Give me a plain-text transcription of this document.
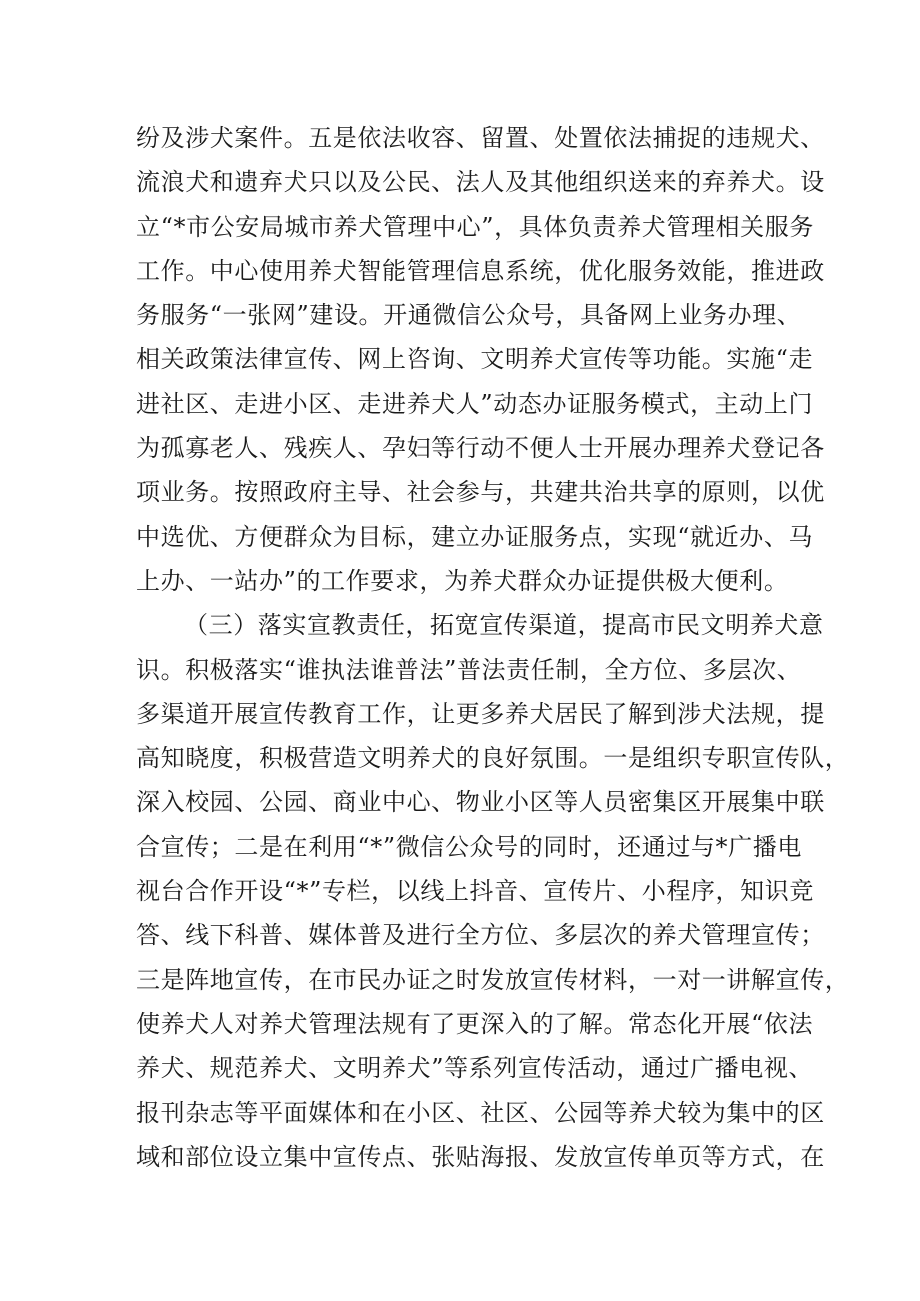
纷及涉犬案件。五是依法收容、留置、处置依法捕捉的违规犬、
流浪犬和遗弃犬只以及公民、法人及其他组织送来的弃养犬。设
立“*市公安局城市养犬管理中心”，具体负责养犬管理相关服务
工作。中心使用养犬智能管理信息系统，优化服务效能，推进政
务服务“一张网”建设。开通微信公众号，具备网上业务办理、
相关政策法律宣传、网上咨询、文明养犬宣传等功能。实施“走
进社区、走进小区、走进养犬人”动态办证服务模式，主动上门
为孤寡老人、残疾人、孕妇等行动不便人士开展办理养犬登记各
项业务。按照政府主导、社会参与，共建共治共享的原则，以优
中选优、方便群众为目标，建立办证服务点，实现“就近办、马
上办、一站办”的工作要求，为养犬群众办证提供极大便利。
（三）落实宣教责任，拓宽宣传渠道，提高市民文明养犬意
识。积极落实“谁执法谁普法”普法责任制，全方位、多层次、
多渠道开展宣传教育工作，让更多养犬居民了解到涉犬法规，提
高知晓度，积极营造文明养犬的良好氛围。一是组织专职宣传队，
深入校园、公园、商业中心、物业小区等人员密集区开展集中联
合宣传；二是在利用“*”微信公众号的同时，还通过与*广播电
视台合作开设“*”专栏，以线上抖音、宣传片、小程序，知识竞
答、线下科普、媒体普及进行全方位、多层次的养犬管理宣传；
三是阵地宣传，在市民办证之时发放宣传材料，一对一讲解宣传，
使养犬人对养犬管理法规有了更深入的了解。常态化开展“依法
养犬、规范养犬、文明养犬”等系列宣传活动，通过广播电视、
报刊杂志等平面媒体和在小区、社区、公园等养犬较为集中的区
域和部位设立集中宣传点、张贴海报、发放宣传单页等方式，在
